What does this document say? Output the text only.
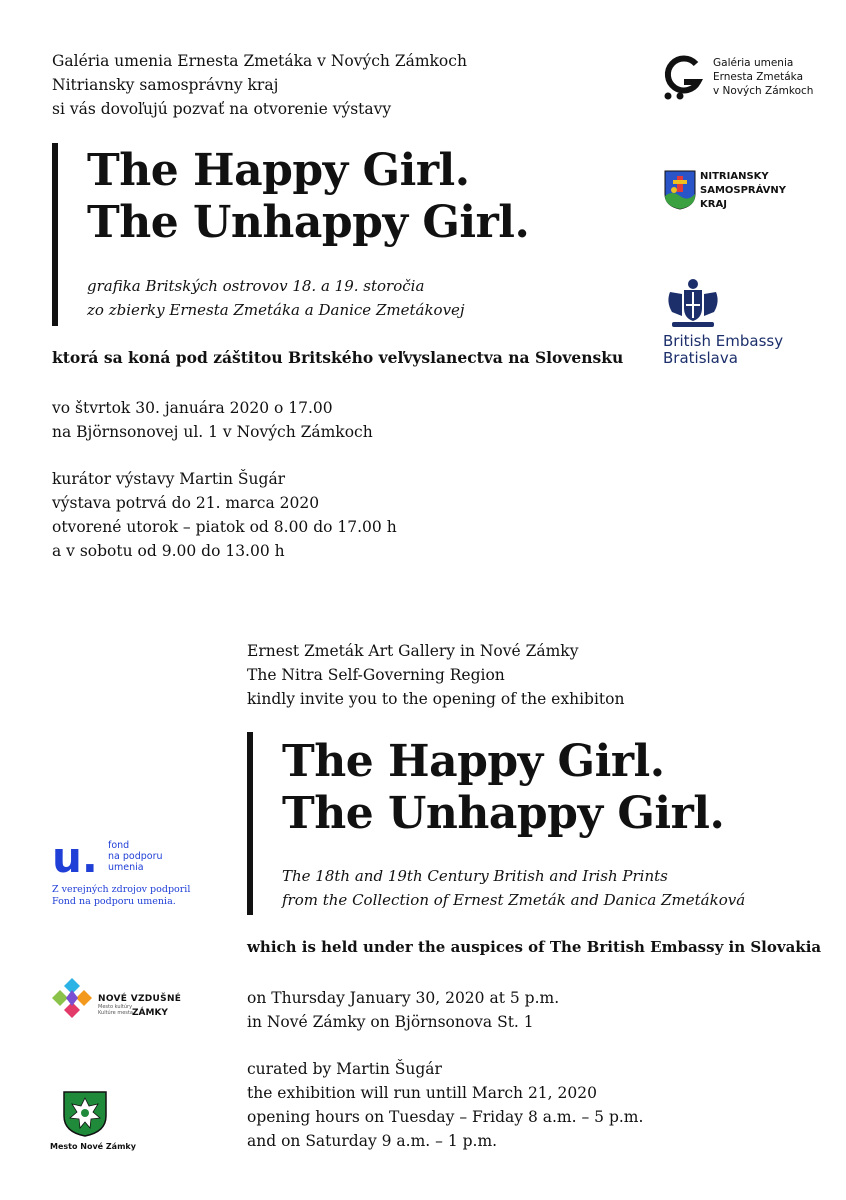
Galéria umenia Ernesta Zmetáka v Nových Zámkoch
Nitriansky samosprávny kraj
si vás dovoľujú pozvať na otvorenie výstavy
The Happy Girl.
The Unhappy Girl.
grafika Britských ostrovov 18. a 19. storočia
zo zbierky Ernesta Zmetáka a Danice Zmetákovej
ktorá sa koná pod záštitou Britského veľvyslanectva na Slovensku
vo štvrtok 30. januára 2020 o 17.00
na Björnsonovej ul. 1 v Nových Zámkoch
kurátor výstavy Martin Šugár
výstava potrvá do 21. marca 2020
otvorené utorok – piatok od 8.00 do 17.00 h
a v sobotu od 9.00 do 13.00 h
Ernest Zmeták Art Gallery in Nové Zámky
The Nitra Self-Governing Region
kindly invite you to the opening of the exhibiton
The Happy Girl.
The Unhappy Girl.
The 18th and 19th Century British and Irish Prints
from the Collection of Ernest Zmeták and Danica Zmetáková
which is held under the auspices of The British Embassy in Slovakia
on Thursday January 30, 2020 at 5 p.m.
in Nové Zámky on Björnsonova St. 1
curated by Martin Šugár
the exhibition will run untill March 21, 2020
opening hours on Tuesday – Friday 8 a.m. – 5 p.m.
and on Saturday 9 a.m. – 1 p.m.
Galéria umenia
Ernesta Zmetáka
v Nových Zámkoch
NITRIANSKY
SAMOSPRÁVNY
KRAJ
British Embassy
Bratislava
u. fond
na podporu
umenia
Z verejných zdrojov podporil
Fond na podporu umenia.
NOVÉ VZDUŠNÉ
Mesto kultúry
Kultúre mesta ZÁMKY
Mesto Nové Zámky
